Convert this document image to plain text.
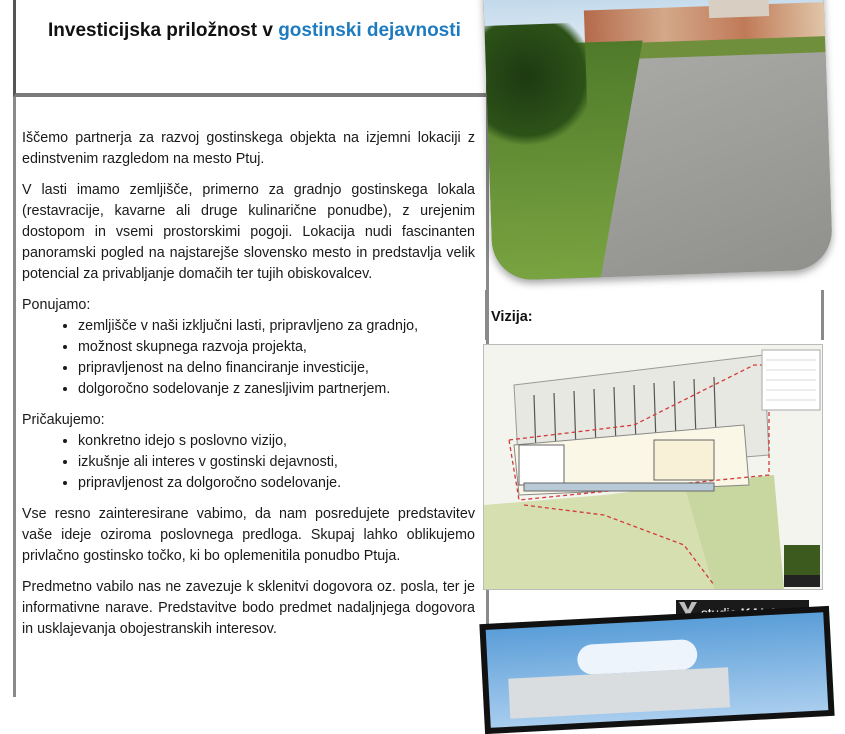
Investicijska priložnost v gostinski dejavnosti

Iščemo partnerja za razvoj gostinskega objekta na izjemni lokaciji z edinstvenim razgledom na mesto Ptuj.

V lasti imamo zemljišče, primerno za gradnjo gostinskega lokala (restavracije, kavarne ali druge kulinarične ponudbe), z urejenim dostopom in vsemi prostorskimi pogoji. Lokacija nudi fascinanten panoramski pogled na najstarejše slovensko mesto in predstavlja velik potencial za privabljanje domačih ter tujih obiskovalcev.

Ponujamo:

• zemljišče v naši izključni lasti, pripravljeno za gradnjo,
• možnost skupnega razvoja projekta,
• pripravljenost na delno financiranje investicije,
• dolgoročno sodelovanje z zanesljivim partnerjem.

Pričakujemo:

• konkretno idejo s poslovno vizijo,
• izkušnje ali interes v gostinski dejavnosti,
• pripravljenost za dolgoročno sodelovanje.

Vse resno zainteresirane vabimo, da nam posredujete predstavitev vaše ideje oziroma poslovnega predloga. Skupaj lahko oblikujemo privlačno gostinsko točko, ki bo oplemenitila ponudbo Ptuja.

Predmetno vabilo nas ne zavezuje k sklenitvi dogovora oz. posla, ter je informativne narave. Predstavitve bodo predmet nadaljnjega dogovora in usklajevanja obojestranskih interesov.

Vizija:
